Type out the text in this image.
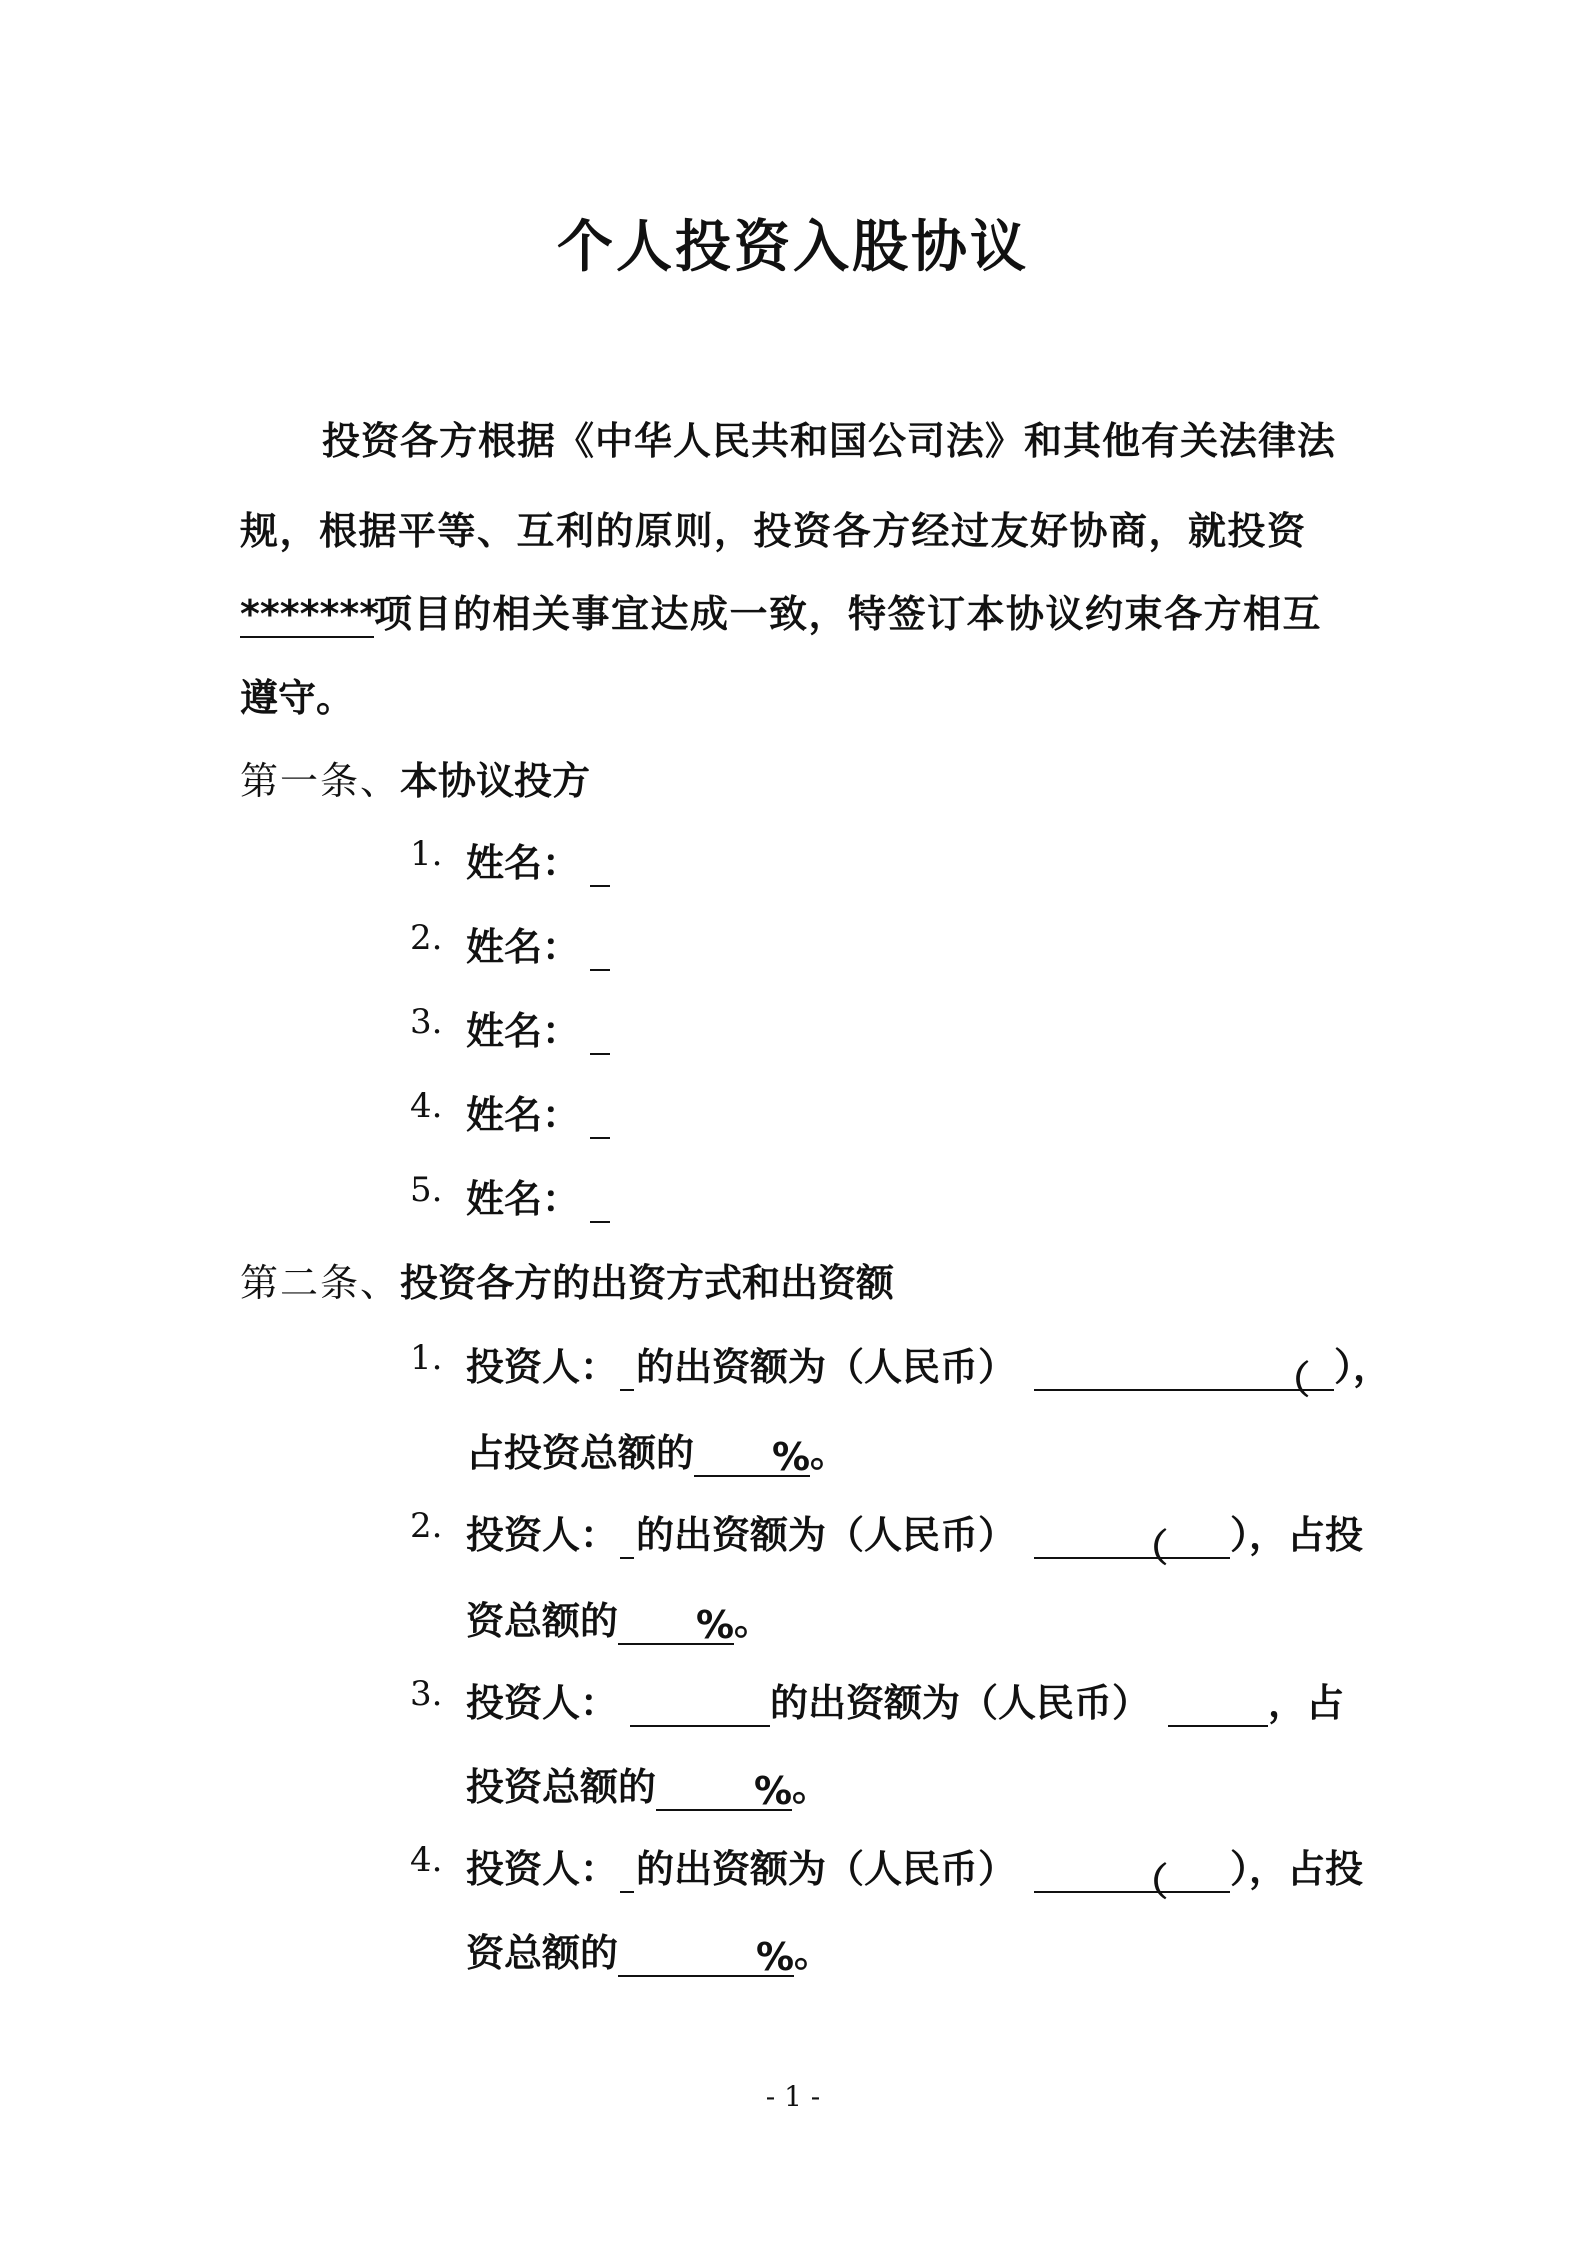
个人投资入股协议
投资各方根据《中华人民共和国公司法》和其他有关法律法
规，根据平等、互利的原则，投资各方经过友好协商，就投资
*******项目的相关事宜达成一致，特签订本协议约束各方相互
遵守。
第一条、本协议投方
1. 姓名：
2. 姓名：
3. 姓名：
4. 姓名：
5. 姓名：
第二条、投资各方的出资方式和出资额
1. 投资人： 的出资额为（人民币）	（ ），
占投资总额的 %。
2. 投资人： 的出资额为（人民币）	（ ），占投
资总额的 %。
3. 投资人：	的出资额为（人民币）	，占
投资总额的	%。
4. 投资人： 的出资额为（人民币）	（ ），占投
资总额的	%。
- 1 -
